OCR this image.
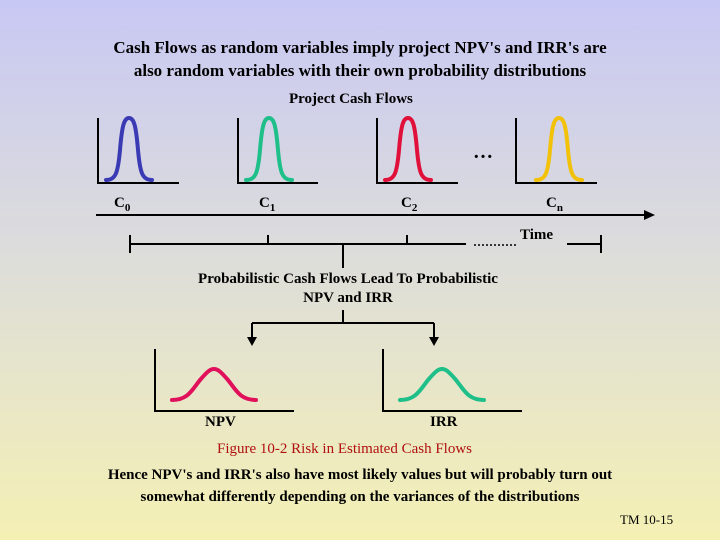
Cash Flows as random variables imply project NPV's and IRR's are
also random variables with their own probability distributions
Project Cash Flows
…
$C_0$	$C_1$	$C_2$	$C_n$
Time
Probabilistic Cash Flows Lead To Probabilistic
NPV and IRR
NPV	IRR
Figure 10-2 Risk in Estimated Cash Flows
Hence NPV's and IRR's also have most likely values but will probably turn out
somewhat differently depending on the variances of the distributions
TM 10-15
